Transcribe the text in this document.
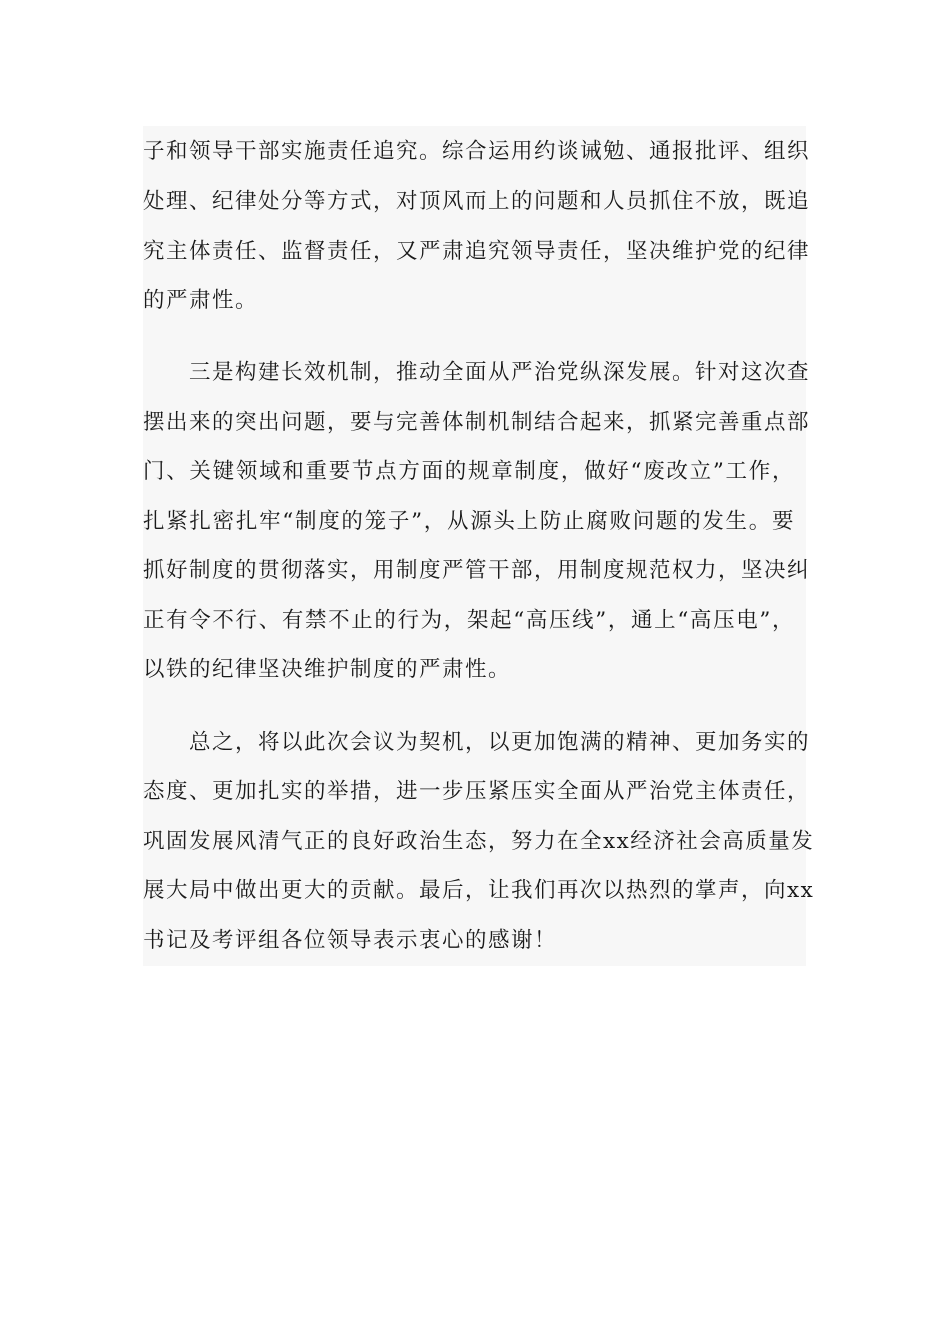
子和领导干部实施责任追究。综合运用约谈诫勉、通报批评、组织
处理、纪律处分等方式，对顶风而上的问题和人员抓住不放，既追
究主体责任、监督责任，又严肃追究领导责任，坚决维护党的纪律
的严肃性。
三是构建长效机制，推动全面从严治党纵深发展。针对这次查
摆出来的突出问题，要与完善体制机制结合起来，抓紧完善重点部
门、关键领域和重要节点方面的规章制度，做好“废改立”工作，
扎紧扎密扎牢“制度的笼子”，从源头上防止腐败问题的发生。要
抓好制度的贯彻落实，用制度严管干部，用制度规范权力，坚决纠
正有令不行、有禁不止的行为，架起“高压线”，通上“高压电”，
以铁的纪律坚决维护制度的严肃性。
总之，将以此次会议为契机，以更加饱满的精神、更加务实的
态度、更加扎实的举措，进一步压紧压实全面从严治党主体责任，
巩固发展风清气正的良好政治生态，努力在全xx经济社会高质量发
展大局中做出更大的贡献。最后，让我们再次以热烈的掌声，向xx
书记及考评组各位领导表示衷心的感谢！
